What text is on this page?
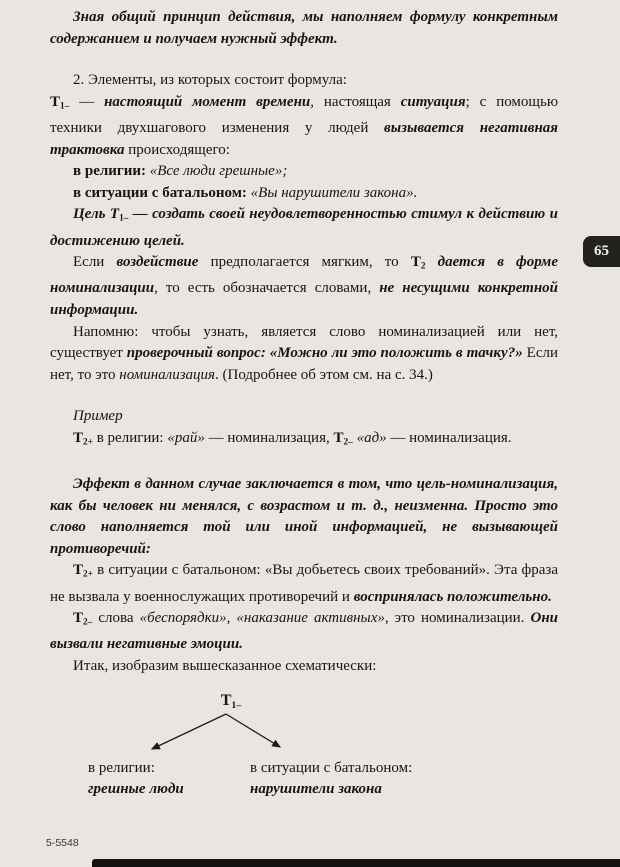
Зная общий принцип действия, мы наполняем формулу конкретным содержанием и получаем нужный эффект.

2. Элементы, из которых состоит формула:

Т1– — настоящий момент времени, настоящая ситуация; с помощью техники двухшагового изменения у людей вызывается негативная трактовка происходящего:

в религии: «Все люди грешные»;

в ситуации с батальоном: «Вы нарушители закона».

Цель Т1– — создать своей неудовлетворенностью стимул к действию и достижению целей.

Если воздействие предполагается мягким, то Т2 дается в форме номинализации, то есть обозначается словами, не несущими конкретной информации.

Напомню: чтобы узнать, является слово номинализацией или нет, существует проверочный вопрос: «Можно ли это положить в тачку?» Если нет, то это номинализация. (Подробнее об этом см. на с. 34.)

Пример

Т2+ в религии: «рай» — номинализация, Т2– «ад» — номинализация.

Эффект в данном случае заключается в том, что цель-номинализация, как бы человек ни менялся, с возрастом и т. д., неизменна. Просто это слово наполняется той или иной информацией, не вызывающей противоречий:

Т2+ в ситуации с батальоном: «Вы добьетесь своих требований». Эта фраза не вызвала у военнослужащих противоречий и воспринялась положительно.

Т2– слова «беспорядки», «наказание активных», это номинализации. Они вызвали негативные эмоции.

Итак, изобразим вышесказанное схематически:

Т1–
в религии:
грешные люди
в ситуации с батальоном:
нарушители закона
65
5-5548
